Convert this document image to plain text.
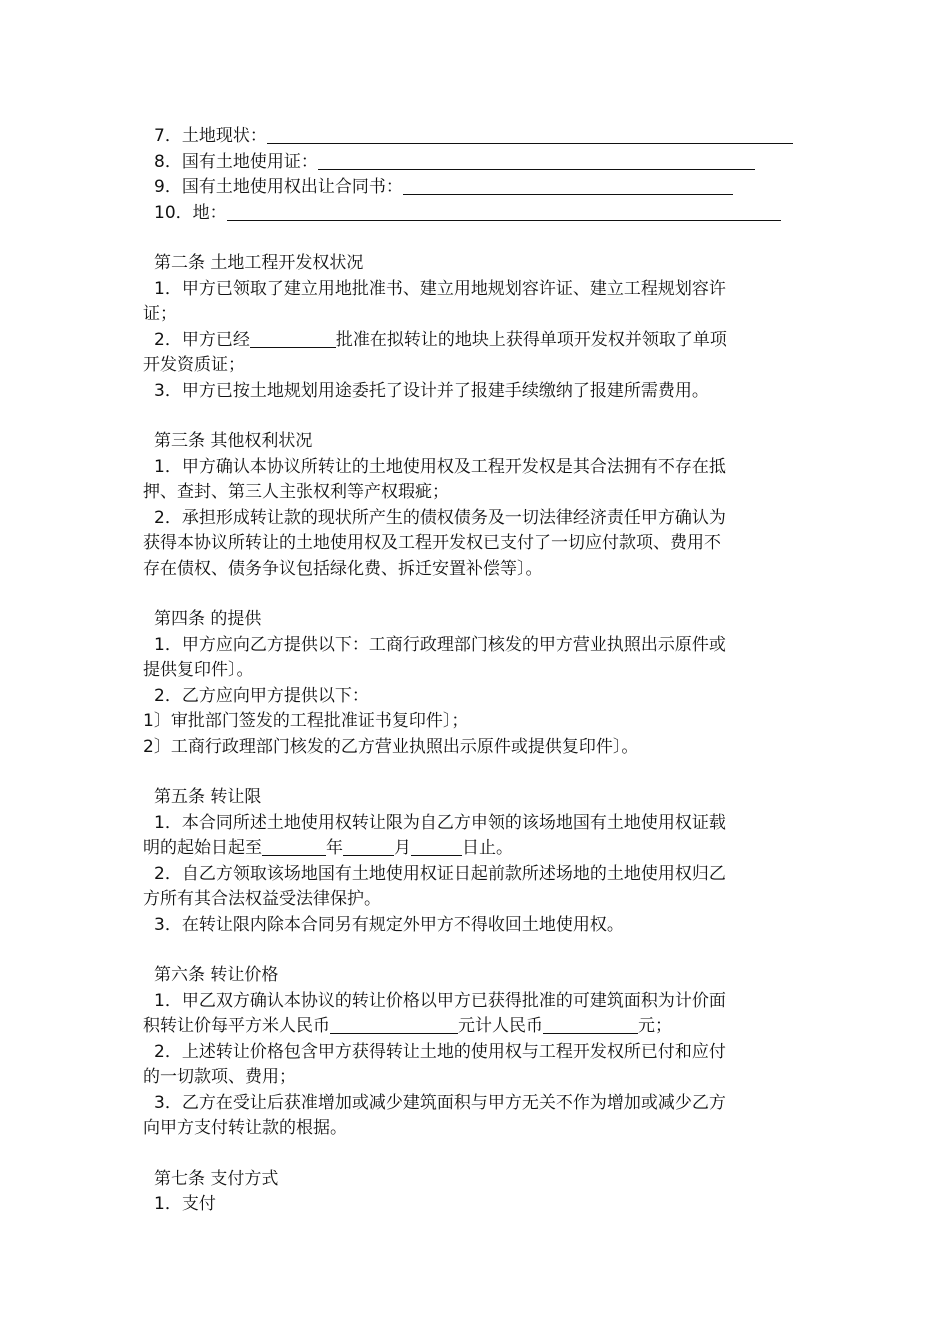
7．土地现状：
8．国有土地使用证：
9．国有土地使用权出让合同书：
10．地：
第二条 土地工程开发权状况
1．甲方已领取了建立用地批准书、建立用地规划容许证、建立工程规划容许
证；
2．甲方已经	批准在拟转让的地块上获得单项开发权并领取了单项
开发资质证；
3．甲方已按土地规划用途委托了设计并了报建手续缴纳了报建所需费用。
第三条 其他权利状况
1．甲方确认本协议所转让的土地使用权及工程开发权是其合法拥有不存在抵
押、查封、第三人主张权利等产权瑕疵；
2．承担形成转让款的现状所产生的债权债务及一切法律经济责任甲方确认为
获得本协议所转让的土地使用权及工程开发权已支付了一切应付款项、费用不
存在债权、债务争议包括绿化费、拆迁安置补偿等〕。
第四条 的提供
1．甲方应向乙方提供以下：工商行政理部门核发的甲方营业执照出示原件或
提供复印件〕。
2．乙方应向甲方提供以下：
1〕审批部门签发的工程批准证书复印件〕；
2〕工商行政理部门核发的乙方营业执照出示原件或提供复印件〕。
第五条 转让限
1．本合同所述土地使用权转让限为自乙方申领的该场地国有土地使用权证载
明的起始日起至	年	月	日止。
2．自乙方领取该场地国有土地使用权证日起前款所述场地的土地使用权归乙
方所有其合法权益受法律保护。
3．在转让限内除本合同另有规定外甲方不得收回土地使用权。
第六条 转让价格
1．甲乙双方确认本协议的转让价格以甲方已获得批准的可建筑面积为计价面
积转让价每平方米人民币	元计人民币	元；
2．上述转让价格包含甲方获得转让土地的使用权与工程开发权所已付和应付
的一切款项、费用；
3．乙方在受让后获准增加或减少建筑面积与甲方无关不作为增加或减少乙方
向甲方支付转让款的根据。
第七条 支付方式
1．支付
